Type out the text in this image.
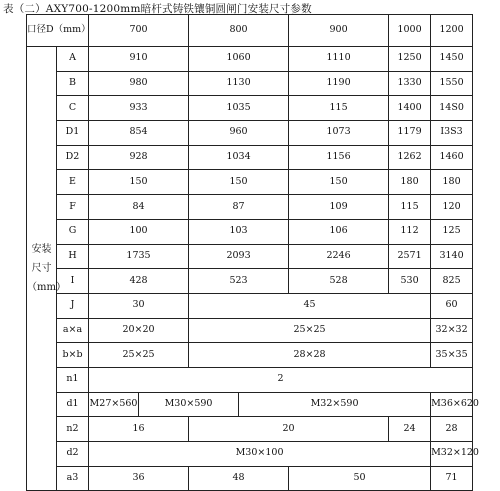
表（二）AXY700-1200mm暗杆式铸铁镶铜圆闸门安装尺寸参数
口径D（mm）		700		800		900	1000	1200
安装
尺寸
（mm）	A	910		1060		1110	1250	1450
	B	980		1130		1190	1330	1550
	C	933		1035		115	1400	14S0
	D1	854		960		1073	1179	I3S3
	D2	928		1034		1156	1262	1460
	E	150		150		150	180	180
	F	84		87		109	115	120
	G	100		103		106	112	125
	H	1735		2093		2246	2571	3140
	I	428		523		528	530	825
	J	30		45				60
	a×a	20×20		25×25				32×32
	b×b	25×25		28×28				35×35
	n1	2						
	d1	M27×560	M30×590		M32×590			M36×620
	n2	16		20			24	28
	d2	M30×100						M32×120
	a3	36		48		50		71
